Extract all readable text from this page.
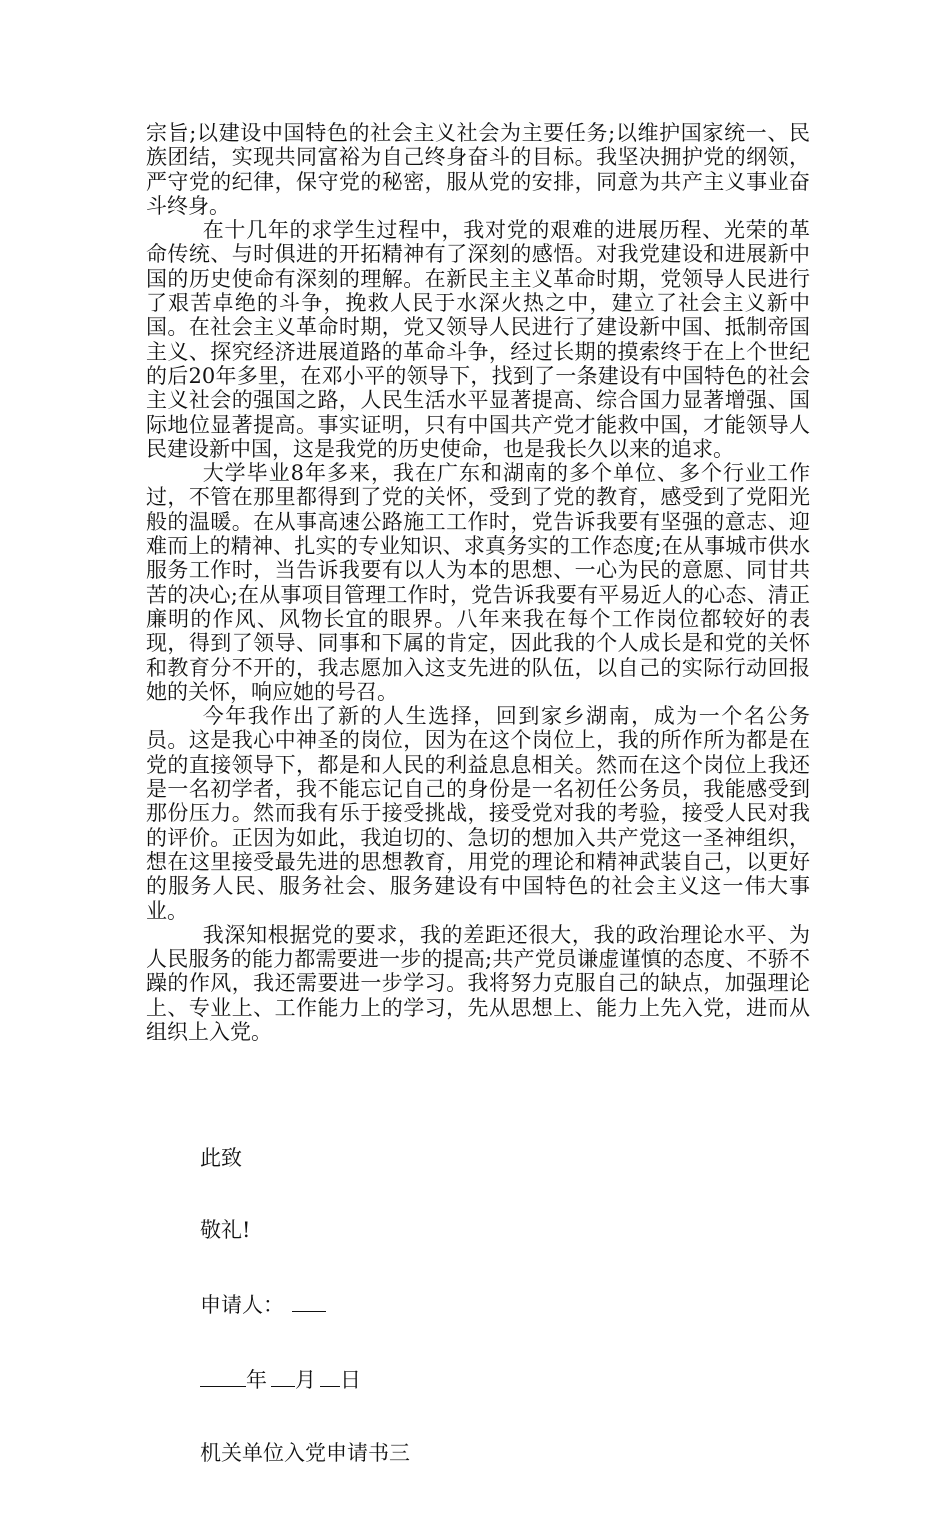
宗旨;以建设中国特色的社会主义社会为主要任务;以维护国家统一、民族团结，实现共同富裕为自己终身奋斗的目标。我坚决拥护党的纲领，严守党的纪律，保守党的秘密，服从党的安排，同意为共产主义事业奋斗终身。

在十几年的求学生过程中，我对党的艰难的进展历程、光荣的革命传统、与时俱进的开拓精神有了深刻的感悟。对我党建设和进展新中国的历史使命有深刻的理解。在新民主主义革命时期，党领导人民进行了艰苦卓绝的斗争，挽救人民于水深火热之中，建立了社会主义新中国。在社会主义革命时期，党又领导人民进行了建设新中国、抵制帝国主义、探究经济进展道路的革命斗争，经过长期的摸索终于在上个世纪的后20年多里，在邓小平的领导下，找到了一条建设有中国特色的社会主义社会的强国之路，人民生活水平显著提高、综合国力显著增强、国际地位显著提高。事实证明，只有中国共产党才能救中国，才能领导人民建设新中国，这是我党的历史使命，也是我长久以来的追求。

大学毕业8年多来，我在广东和湖南的多个单位、多个行业工作过，不管在那里都得到了党的关怀，受到了党的教育，感受到了党阳光般的温暖。在从事高速公路施工工作时，党告诉我要有坚强的意志、迎难而上的精神、扎实的专业知识、求真务实的工作态度;在从事城市供水服务工作时，当告诉我要有以人为本的思想、一心为民的意愿、同甘共苦的决心;在从事项目管理工作时，党告诉我要有平易近人的心态、清正廉明的作风、风物长宜的眼界。八年来我在每个工作岗位都较好的表现，得到了领导、同事和下属的肯定，因此我的个人成长是和党的关怀和教育分不开的，我志愿加入这支先进的队伍，以自己的实际行动回报她的关怀，响应她的号召。

今年我作出了新的人生选择，回到家乡湖南，成为一个名公务员。这是我心中神圣的岗位，因为在这个岗位上，我的所作所为都是在党的直接领导下，都是和人民的利益息息相关。然而在这个岗位上我还是一名初学者，我不能忘记自己的身份是一名初任公务员，我能感受到那份压力。然而我有乐于接受挑战，接受党对我的考验，接受人民对我的评价。正因为如此，我迫切的、急切的想加入共产党这一圣神组织，想在这里接受最先进的思想教育，用党的理论和精神武装自己，以更好的服务人民、服务社会、服务建设有中国特色的社会主义这一伟大事业。

我深知根据党的要求，我的差距还很大，我的政治理论水平、为人民服务的能力都需要进一步的提高;共产党员谦虚谨慎的态度、不骄不躁的作风，我还需要进一步学习。我将努力克服自己的缺点，加强理论上、专业上、工作能力上的学习，先从思想上、能力上先入党，进而从组织上入党。

此致

敬礼!

申请人：

年 月 日

机关单位入党申请书三
